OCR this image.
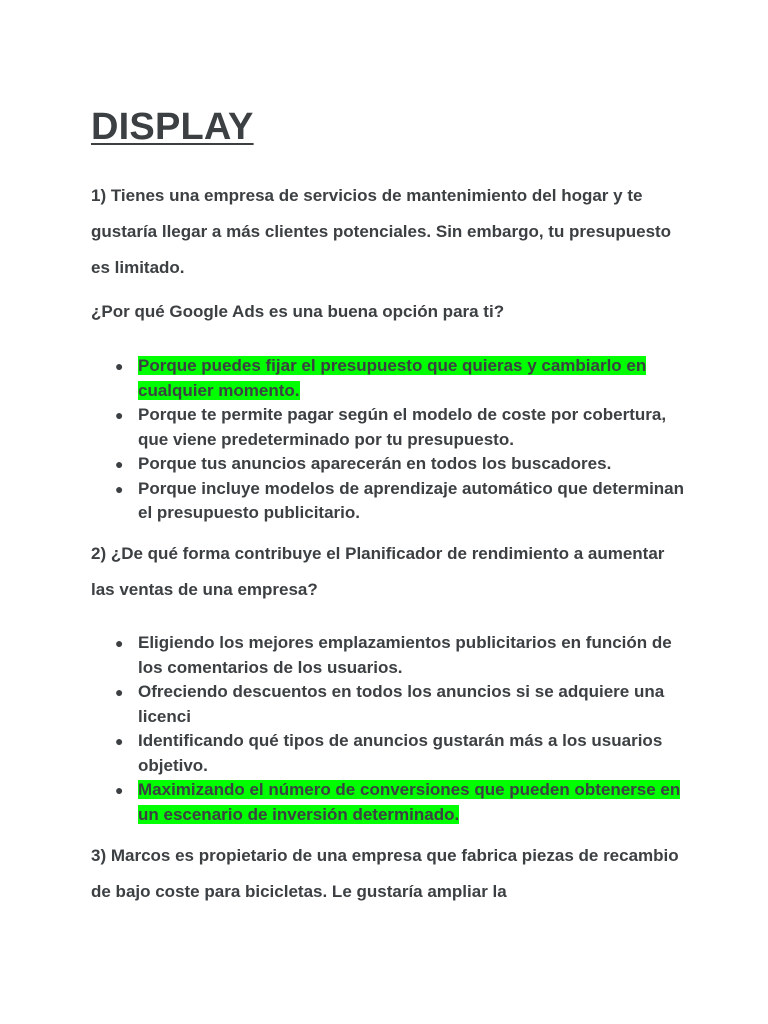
DISPLAY

1) Tienes una empresa de servicios de mantenimiento del hogar y te gustaría llegar a más clientes potenciales. Sin embargo, tu presupuesto es limitado.

¿Por qué Google Ads es una buena opción para ti?

● Porque puedes fijar el presupuesto que quieras y cambiarlo en cualquier momento.
● Porque te permite pagar según el modelo de coste por cobertura, que viene predeterminado por tu presupuesto.
● Porque tus anuncios aparecerán en todos los buscadores.
● Porque incluye modelos de aprendizaje automático que determinan el presupuesto publicitario.

2) ¿De qué forma contribuye el Planificador de rendimiento a aumentar las ventas de una empresa?

● Eligiendo los mejores emplazamientos publicitarios en función de los comentarios de los usuarios.
● Ofreciendo descuentos en todos los anuncios si se adquiere una licenci
● Identificando qué tipos de anuncios gustarán más a los usuarios objetivo.
● Maximizando el número de conversiones que pueden obtenerse en un escenario de inversión determinado.

3) Marcos es propietario de una empresa que fabrica piezas de recambio de bajo coste para bicicletas. Le gustaría ampliar la
